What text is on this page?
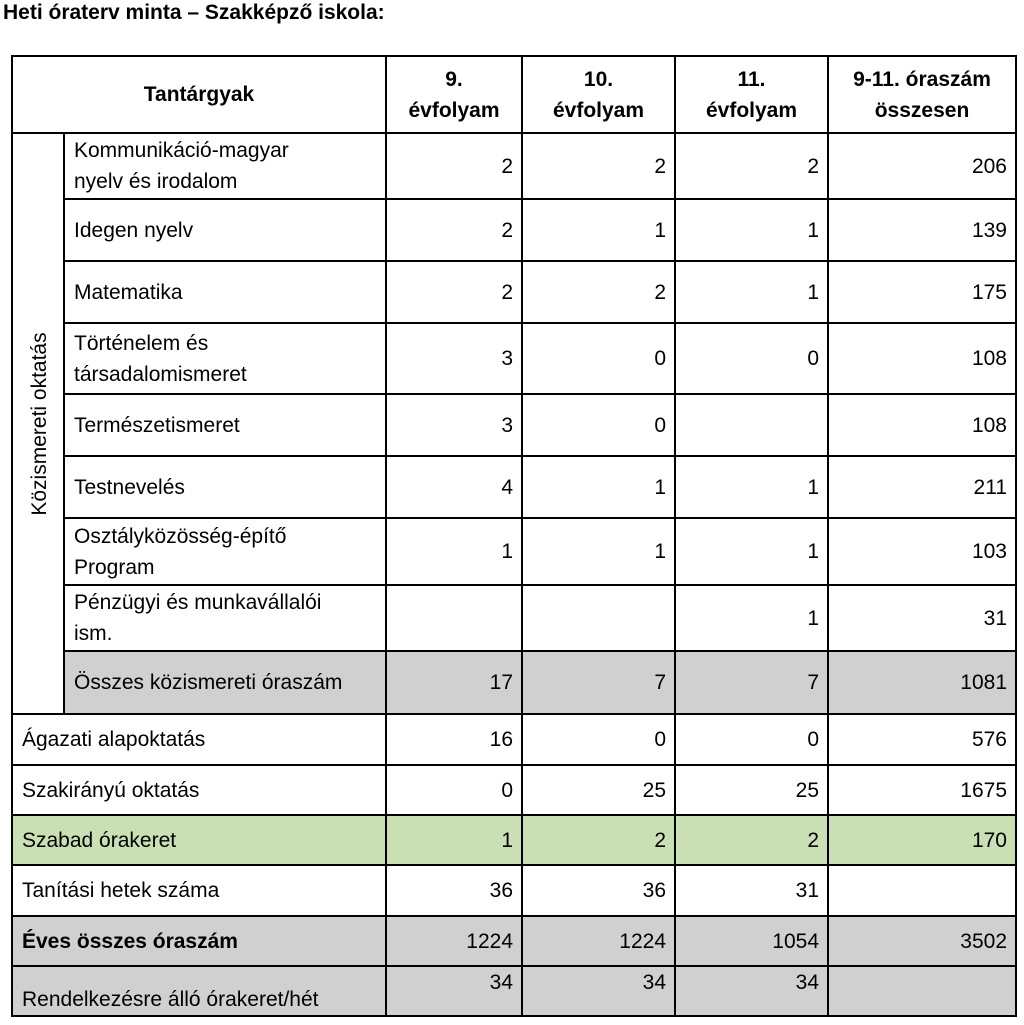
Heti óraterv minta – Szakképző iskola:
Tantárgyak		9.
évfolyam	10.
évfolyam	11.
évfolyam	9-11. óraszám
összesen

Közismereti oktatás	Kommunikáció-magyar
nyelv és irodalom	2	2	2	206
	Idegen nyelv	2	1	1	139
	Matematika	2	2	1	175
	Történelem és
társadalomismeret	3	0	0	108
	Természetismeret	3	0		108
	Testnevelés	4	1	1	211
	Osztályközösség-építő
Program	1	1	1	103
	Pénzügyi és munkavállalói
ism.			1	31
	Összes közismereti óraszám	17	7	7	1081
Ágazati alapoktatás		16	0	0	576
Szakirányú oktatás		0	25	25	1675
Szabad órakeret		1	2	2	170
Tanítási hetek száma		36	36	31	
Éves összes óraszám		1224	1224	1054	3502
Rendelkezésre álló órakeret/hét		34	34	34	
